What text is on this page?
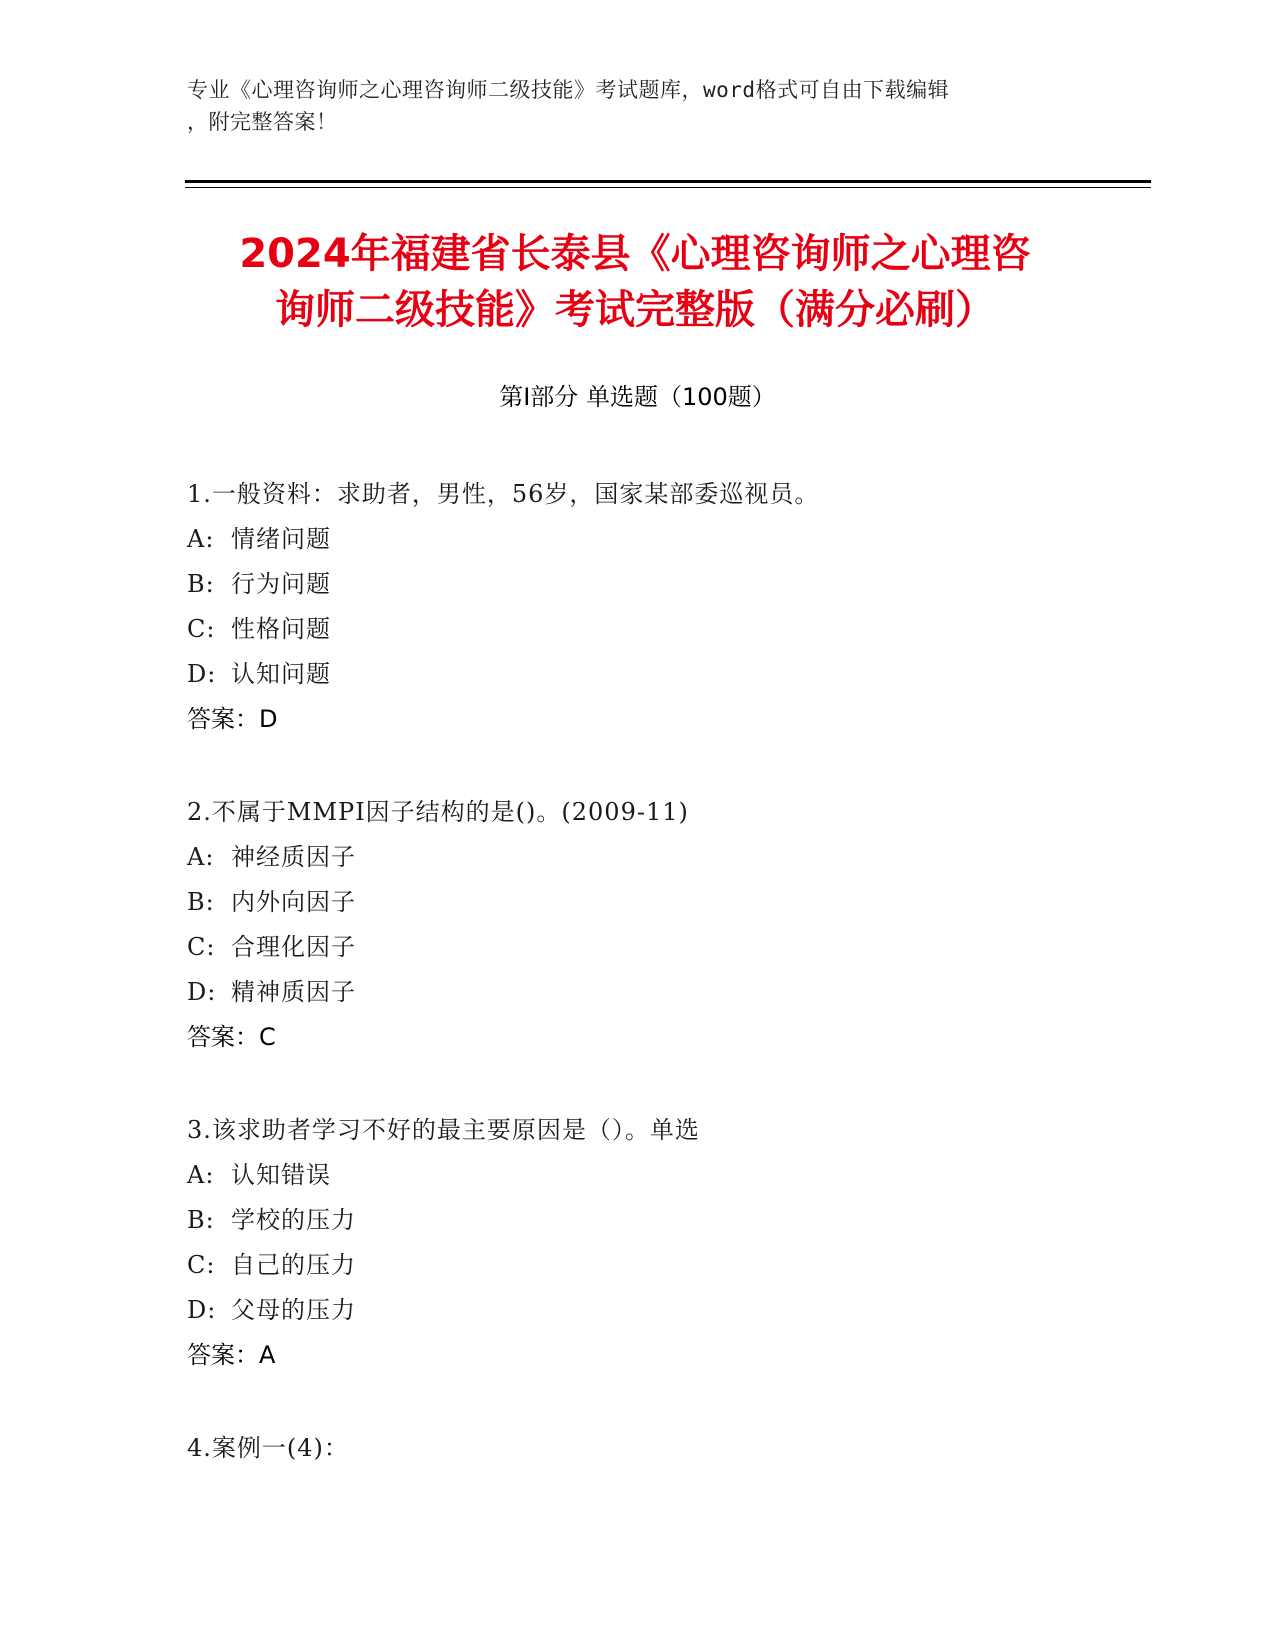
专业《心理咨询师之心理咨询师二级技能》考试题库，word格式可自由下载编辑
，附完整答案！
2024年福建省长泰县《心理咨询师之心理咨
询师二级技能》考试完整版（满分必刷）
第Ⅰ部分 单选题（100题）
1.一般资料：求助者，男性，56岁，国家某部委巡视员。
A: 情绪问题
B: 行为问题
C: 性格问题
D: 认知问题
答案：D
2.不属于MMPI因子结构的是()。(2009-11)
A: 神经质因子
B: 内外向因子
C: 合理化因子
D: 精神质因子
答案：C
3.该求助者学习不好的最主要原因是（）。单选
A: 认知错误
B: 学校的压力
C: 自己的压力
D: 父母的压力
答案：A
4.案例一(4)：
